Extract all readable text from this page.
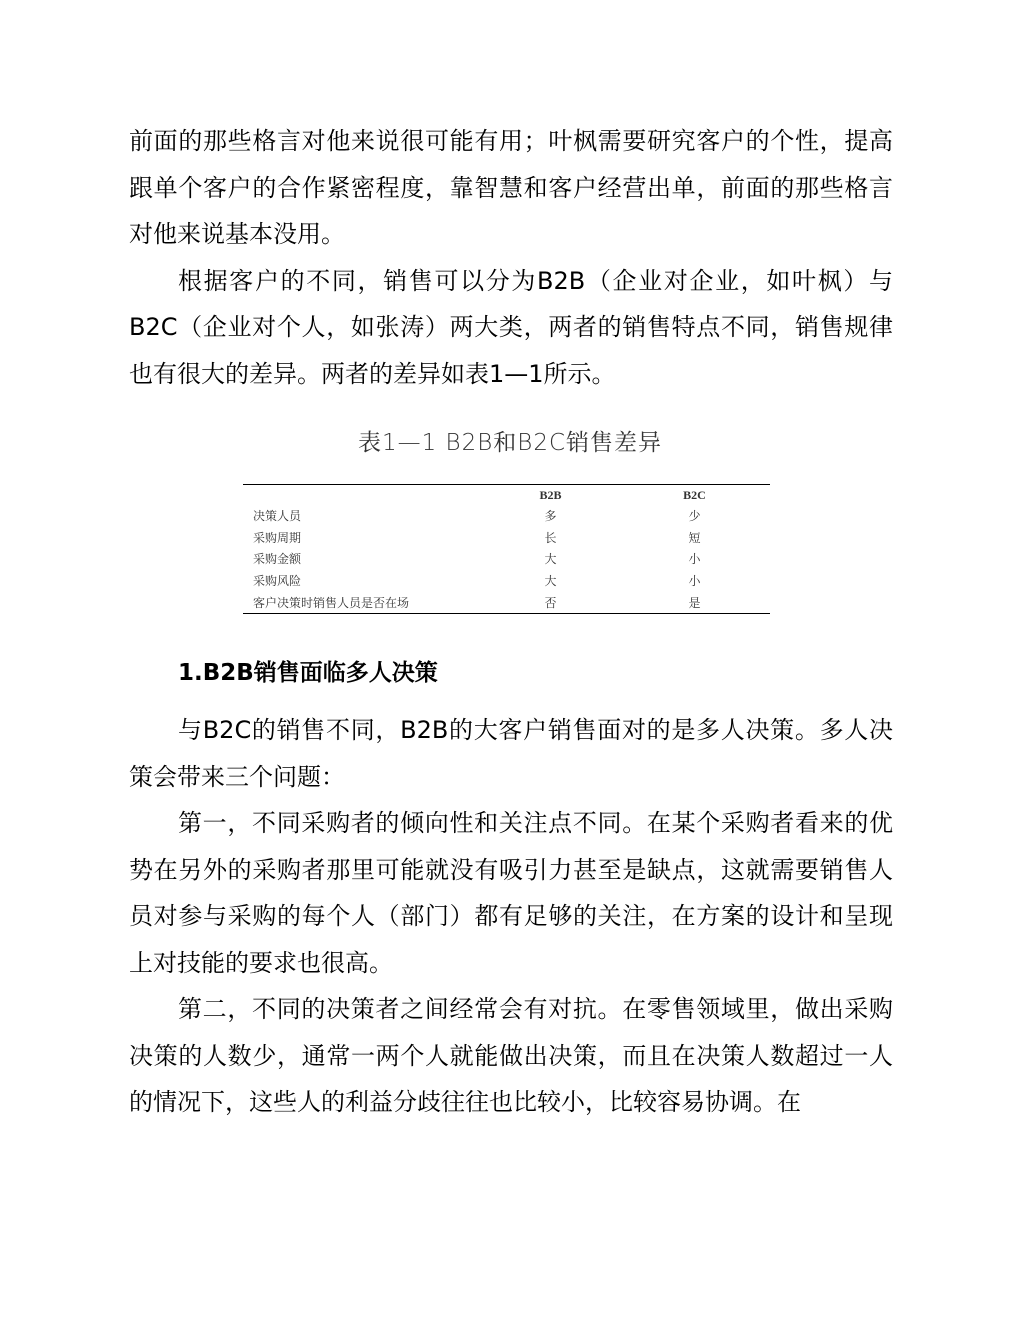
前面的那些格言对他来说很可能有用；叶枫需要研究客户的个性，提高跟单个客户的合作紧密程度，靠智慧和客户经营出单，前面的那些格言对他来说基本没用。

根据客户的不同，销售可以分为B2B（企业对企业，如叶枫）与B2C（企业对个人，如张涛）两大类，两者的销售特点不同，销售规律也有很大的差异。两者的差异如表1—1所示。

表1—1 B2B和B2C销售差异
	B2B	B2C
决策人员	多	少
采购周期	长	短
采购金额	大	小
采购风险	大	小
客户决策时销售人员是否在场	否	是
1.B2B销售面临多人决策

与B2C的销售不同，B2B的大客户销售面对的是多人决策。多人决策会带来三个问题：

第一，不同采购者的倾向性和关注点不同。在某个采购者看来的优势在另外的采购者那里可能就没有吸引力甚至是缺点，这就需要销售人员对参与采购的每个人（部门）都有足够的关注，在方案的设计和呈现上对技能的要求也很高。

第二，不同的决策者之间经常会有对抗。在零售领域里，做出采购决策的人数少，通常一两个人就能做出决策，而且在决策人数超过一人的情况下，这些人的利益分歧往往也比较小，比较容易协调。在
